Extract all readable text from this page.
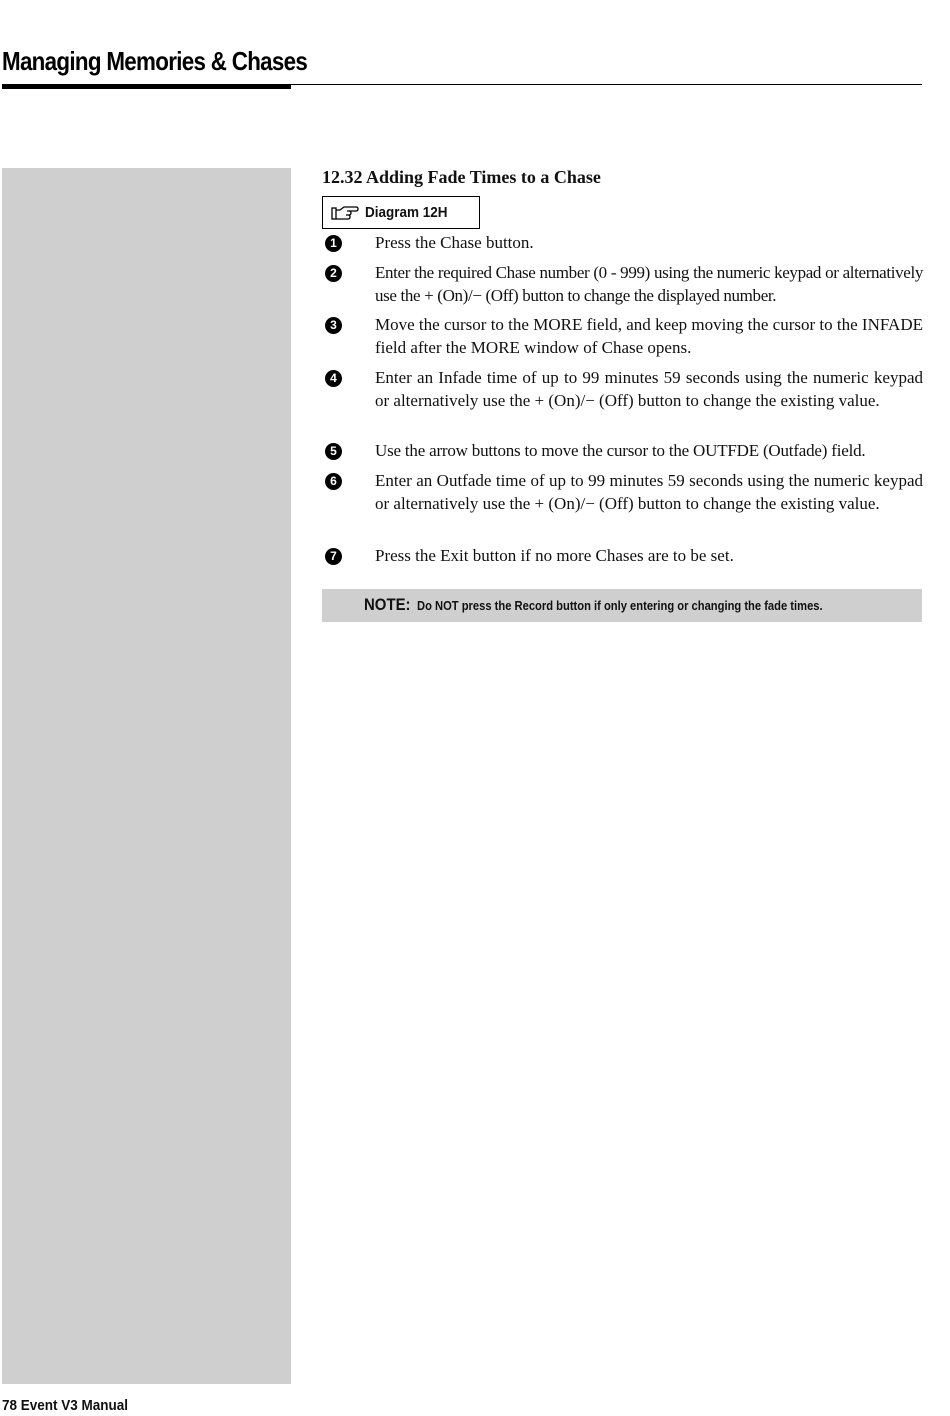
Managing Memories & Chases
12.32 Adding Fade Times to a Chase
Diagram 12H
1	Press the Chase button.
2	Enter the required Chase number (0 - 999) using the numeric keypad or alternatively use the + (On)/− (Off) button to change the displayed number.
3	Move the cursor to the MORE field, and keep moving the cursor to the INFADE field after the MORE window of Chase opens.
4	Enter an Infade time of up to 99 minutes 59 seconds using the numeric keypad or alternatively use the + (On)/− (Off) button to change the existing value.
5	Use the arrow buttons to move the cursor to the OUTFDE (Outfade) field.
6	Enter an Outfade time of up to 99 minutes 59 seconds using the numeric keypad or alternatively use the + (On)/− (Off) button to change the existing value.
7	Press the Exit button if no more Chases are to be set.
NOTE: Do NOT press the Record button if only entering or changing the fade times.
78 Event V3 Manual
